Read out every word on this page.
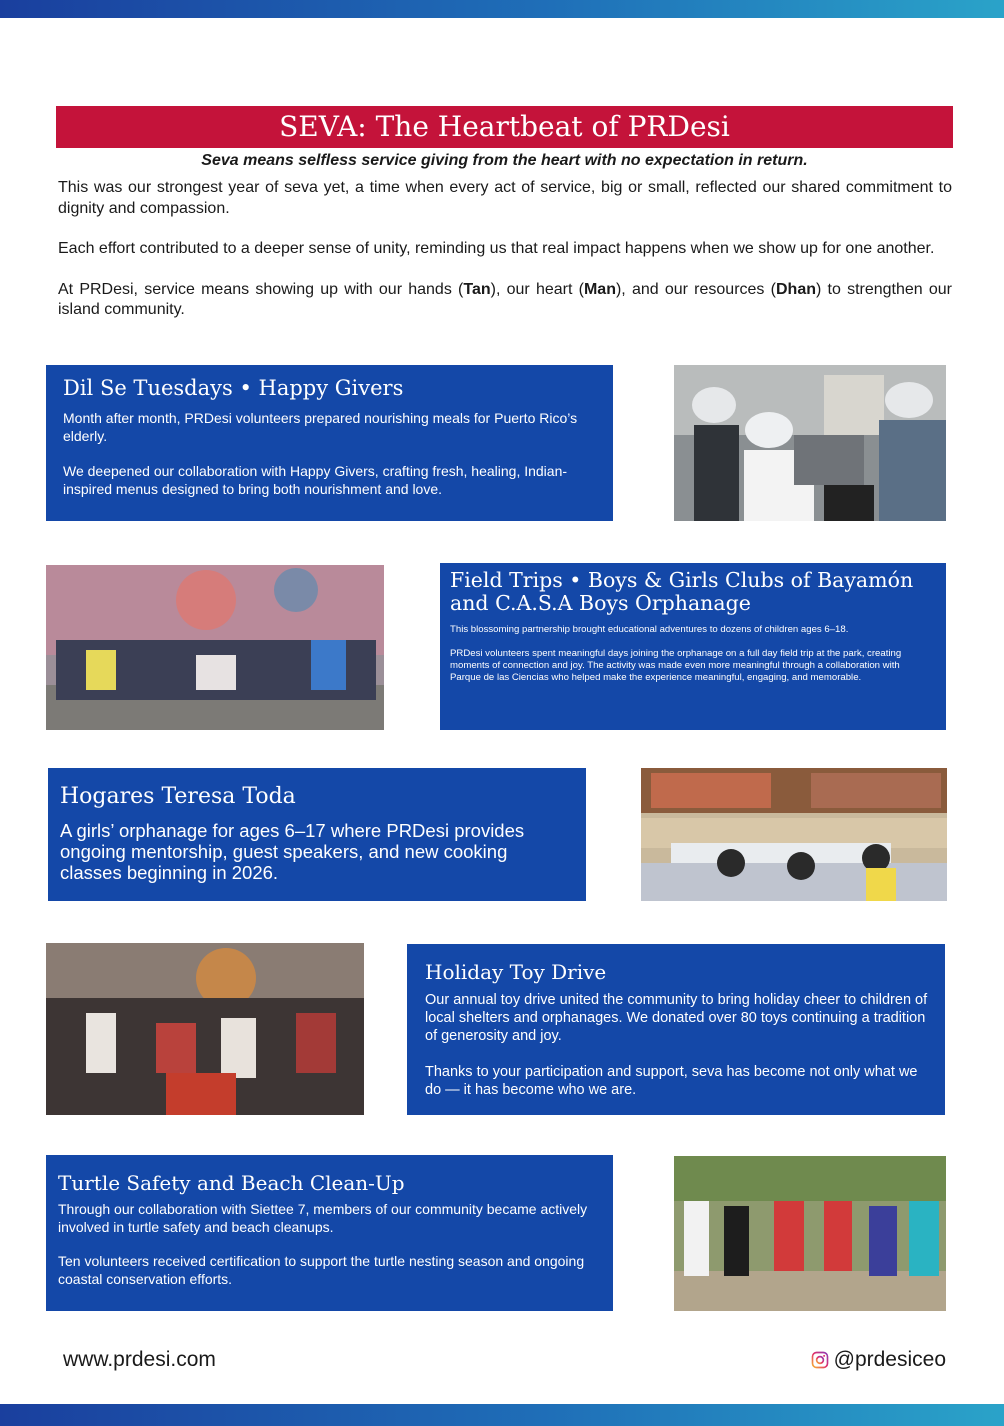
SEVA: The Heartbeat of PRDesi
Seva means selfless service giving from the heart with no expectation in return.

This was our strongest year of seva yet, a time when every act of service, big or small, reflected our shared commitment to dignity and compassion.

Each effort contributed to a deeper sense of unity, reminding us that real impact happens when we show up for one another.

At PRDesi, service means showing up with our hands (Tan), our heart (Man), and our resources (Dhan) to strengthen our island community.

Dil Se Tuesdays • Happy Givers

Month after month, PRDesi volunteers prepared nourishing meals for Puerto Rico’s elderly.

We deepened our collaboration with Happy Givers, crafting fresh, healing, Indian-inspired menus designed to bring both nourishment and love.

Field Trips • Boys & Girls Clubs of Bayamón and C.A.S.A Boys Orphanage

This blossoming partnership brought educational adventures to dozens of children ages 6–18.

PRDesi volunteers spent meaningful days joining the orphanage on a full day field trip at the park, creating moments of connection and joy. The activity was made even more meaningful through a collaboration with Parque de las Ciencias who helped make the experience meaningful, engaging, and memorable.

Hogares Teresa Toda

A girls’ orphanage for ages 6–17 where PRDesi provides ongoing mentorship, guest speakers, and new cooking classes beginning in 2026.

Holiday Toy Drive

Our annual toy drive united the community to bring holiday cheer to children of local shelters and orphanages. We donated over 80 toys continuing a tradition of generosity and joy.

Thanks to your participation and support, seva has become not only what we do — it has become who we are.

Turtle Safety and Beach Clean-Up

Through our collaboration with Siettee 7, members of our community became actively involved in turtle safety and beach cleanups.

Ten volunteers received certification to support the turtle nesting season and ongoing coastal conservation efforts.

www.prdesi.com	@prdesiceo
